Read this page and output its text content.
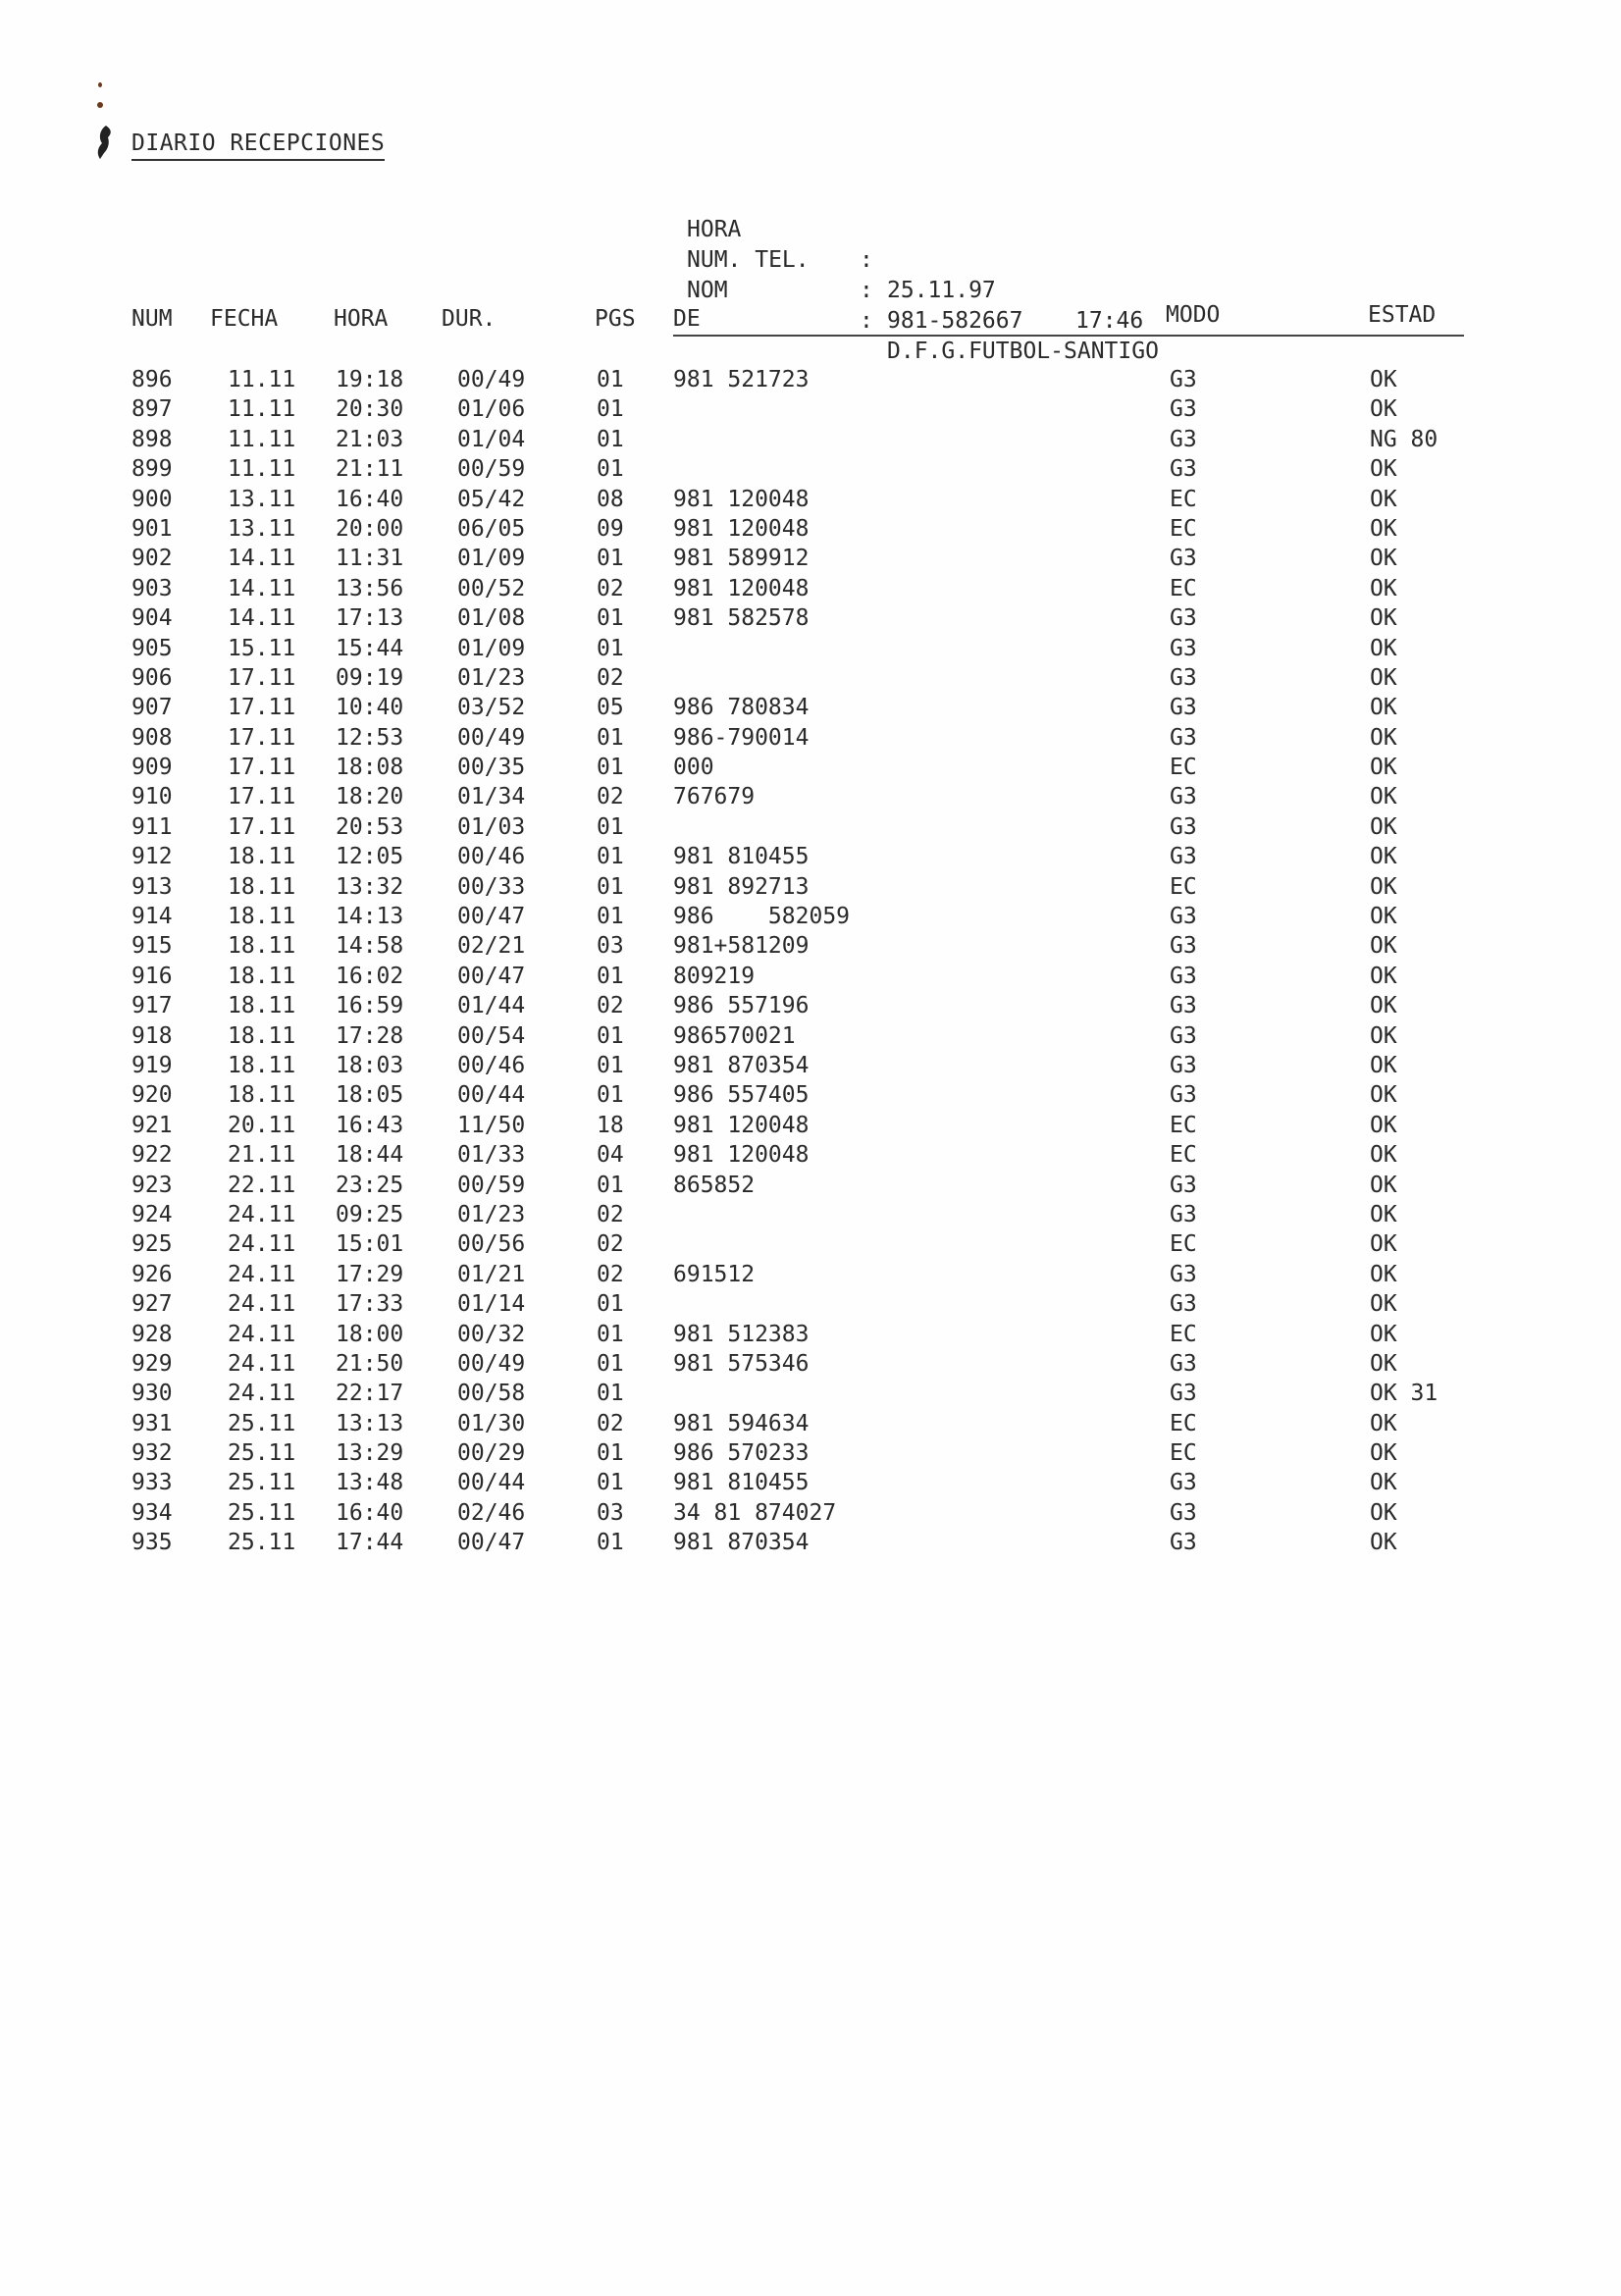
DIARIO RECEPCIONES

HORA

:

25.11.97

17:46

NUM. TEL.

:

981-582667

NOM

:

D.F.G.FUTBOL-SANTIGO

NUM FECHA HORA DUR.	PGS DE	MODO	ESTAD
896 11.11 19:18 00/49	01 981 521723	G3	OK
897 11.11 20:30 01/06	01	G3	OK
898 11.11 21:03 01/04	01	G3	NG 80
899 11.11 21:11 00/59	01	G3	OK
900 13.11 16:40 05/42	08 981 120048	EC	OK
901 13.11 20:00 06/05	09 981 120048	EC	OK
902 14.11 11:31 01/09	01 981 589912	G3	OK
903 14.11 13:56 00/52	02 981 120048	EC	OK
904 14.11 17:13 01/08	01 981 582578	G3	OK
905 15.11 15:44 01/09	01	G3	OK
906 17.11 09:19 01/23	02	G3	OK
907 17.11 10:40 03/52	05 986 780834	G3	OK
908 17.11 12:53 00/49	01 986-790014	G3	OK
909 17.11 18:08 00/35	01 000	EC	OK
910 17.11 18:20 01/34	02 767679	G3	OK
911 17.11 20:53 01/03	01	G3	OK
912 18.11 12:05 00/46	01 981 810455	G3	OK
913 18.11 13:32 00/33	01 981 892713	EC	OK
914 18.11 14:13 00/47	01 986    582059	G3	OK
915 18.11 14:58 02/21	03 981+581209	G3	OK
916 18.11 16:02 00/47	01 809219	G3	OK
917 18.11 16:59 01/44	02 986 557196	G3	OK
918 18.11 17:28 00/54	01 986570021	G3	OK
919 18.11 18:03 00/46	01 981 870354	G3	OK
920 18.11 18:05 00/44	01 986 557405	G3	OK
921 20.11 16:43 11/50	18 981 120048	EC	OK
922 21.11 18:44 01/33	04 981 120048	EC	OK
923 22.11 23:25 00/59	01 865852	G3	OK
924 24.11 09:25 01/23	02	G3	OK
925 24.11 15:01 00/56	02	EC	OK
926 24.11 17:29 01/21	02 691512	G3	OK
927 24.11 17:33 01/14	01	G3	OK
928 24.11 18:00 00/32	01 981 512383	EC	OK
929 24.11 21:50 00/49	01 981 575346	G3	OK
930 24.11 22:17 00/58	01	G3	OK 31
931 25.11 13:13 01/30	02 981 594634	EC	OK
932 25.11 13:29 00/29	01 986 570233	EC	OK
933 25.11 13:48 00/44	01 981 810455	G3	OK
934 25.11 16:40 02/46	03 34 81 874027	G3	OK
935 25.11 17:44 00/47	01 981 870354	G3	OK
